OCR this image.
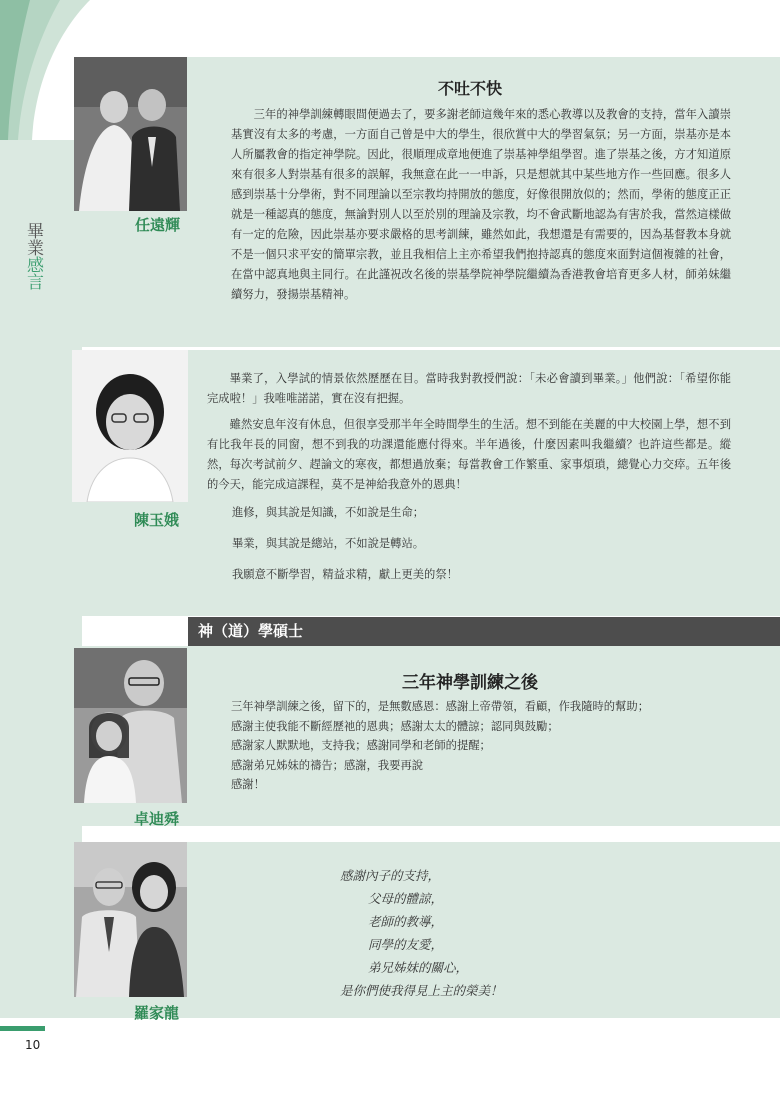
畢業
感言
任遠輝
不吐不快

三年的神學訓練轉眼間便過去了，要多謝老師這幾年來的悉心教導以及教會的支持，當年入讀崇基實沒有太多的考慮，一方面自己曾是中大的學生，很欣賞中大的學習氣氛；另一方面，崇基亦是本人所屬教會的指定神學院。因此，很順理成章地便進了崇基神學組學習。進了崇基之後，方才知道原來有很多人對崇基有很多的誤解，我無意在此一一申訴，只是想就其中某些地方作一些回應。很多人感到崇基十分學術，對不同理論以至宗教均持開放的態度，好像很開放似的；然而，學術的態度正正就是一種認真的態度，無論對別人以至於別的理論及宗教，均不會武斷地認為有害於我，當然這樣做有一定的危險，因此崇基亦要求嚴格的思考訓練，雖然如此，我想還是有需要的，因為基督教本身就不是一個只求平安的簡單宗教，並且我相信上主亦希望我們抱持認真的態度來面對這個複雜的社會，在當中認真地與主同行。在此謹祝改名後的崇基學院神學院繼續為香港教會培育更多人材，師弟妹繼續努力，發揚崇基精神。

陳玉娥

畢業了，入學試的情景依然歷歷在目。當時我對教授們說：「未必會讀到畢業。」他們說：「希望你能完成啦！」我唯唯諾諾，實在沒有把握。

雖然安息年沒有休息，但很享受那半年全時間學生的生活。想不到能在美麗的中大校園上學，想不到有比我年長的同窗，想不到我的功課還能應付得來。半年過後，什麼因素叫我繼續？也許這些都是。縱然，每次考試前夕、趕論文的寒夜，都想過放棄；每當教會工作繁重、家事煩瑣，總覺心力交瘁。五年後的今天，能完成這課程，莫不是神給我意外的恩典！

進修，與其說是知識，不如說是生命；

畢業，與其說是總站，不如說是轉站。

我願意不斷學習，精益求精，獻上更美的祭！

神（道）學碩士
卓迪舜
三年神學訓練之後

三年神學訓練之後，留下的，是無數感恩：感謝上帝帶領，看顧，作我隨時的幫助；

感謝主使我能不斷經歷祂的恩典；感謝太太的體諒；認同與鼓勵；

感謝家人默默地，支持我；感謝同學和老師的提醒；

感謝弟兄姊妹的禱告；感謝，我要再說

感謝！

羅家龍
感謝內子的支持，
父母的體諒，
老師的教導，
同學的友愛，
弟兄姊妹的關心，
是你們使我得見上主的榮美！
10
